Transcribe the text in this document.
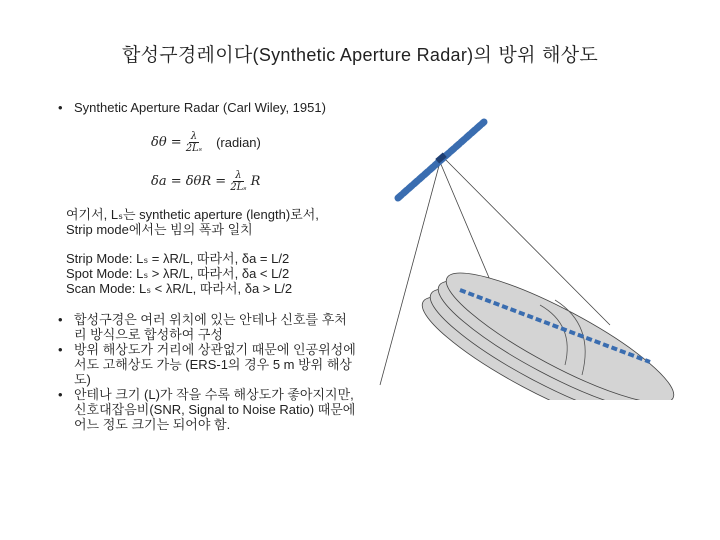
합성구경레이다(Synthetic Aperture Radar)의 방위 해상도
• Synthetic Aperture Radar (Carl Wiley, 1951)
$\delta\theta = \frac{\lambda}{\text{2Lₛ}}$ (radian)
$\delta a = \delta\theta R = \frac{\lambda}{\text{2Lₛ}}$ R
여기서, Lₛ는 synthetic aperture (length)로서,
Strip mode에서는 빔의 폭과 일치
Strip Mode: Lₛ = λR/L, 따라서, δa = L/2
Spot Mode: Lₛ > λR/L, 따라서, δa < L/2
Scan Mode: Lₛ < λR/L, 따라서, δa > L/2
• 합성구경은 여러 위치에 있는 안테나 신호를 후처리 방식으로 합성하여 구성
• 방위 해상도가 거리에 상관없기 때문에 인공위성에서도 고해상도 가능 (ERS-1의 경우 5 m 방위 해상도)
• 안테나 크기 (L)가 작을 수록 해상도가 좋아지지만, 신호대잡음비(SNR, Signal to Noise Ratio) 때문에 어느 정도 크기는 되어야 함.
